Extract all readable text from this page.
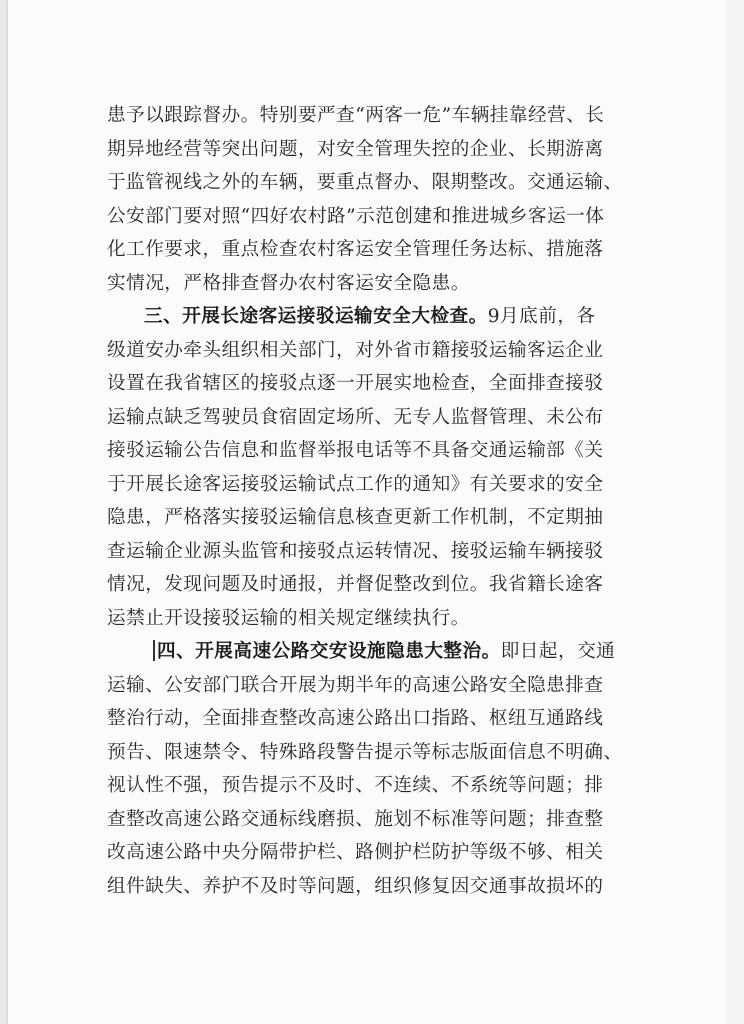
患予以跟踪督办。特别要严查“两客一危”车辆挂靠经营、长
期异地经营等突出问题，对安全管理失控的企业、长期游离
于监管视线之外的车辆，要重点督办、限期整改。交通运输、
公安部门要对照“四好农村路”示范创建和推进城乡客运一体
化工作要求，重点检查农村客运安全管理任务达标、措施落
实情况，严格排查督办农村客运安全隐患。
三、开展长途客运接驳运输安全大检查。9月底前，各
级道安办牵头组织相关部门，对外省市籍接驳运输客运企业
设置在我省辖区的接驳点逐一开展实地检查，全面排查接驳
运输点缺乏驾驶员食宿固定场所、无专人监督管理、未公布
接驳运输公告信息和监督举报电话等不具备交通运输部《关
于开展长途客运接驳运输试点工作的通知》有关要求的安全
隐患，严格落实接驳运输信息核查更新工作机制，不定期抽
查运输企业源头监管和接驳点运转情况、接驳运输车辆接驳
情况，发现问题及时通报，并督促整改到位。我省籍长途客
运禁止开设接驳运输的相关规定继续执行。
四、开展高速公路交安设施隐患大整治。即日起，交通
运输、公安部门联合开展为期半年的高速公路安全隐患排查
整治行动，全面排查整改高速公路出口指路、枢纽互通路线
预告、限速禁令、特殊路段警告提示等标志版面信息不明确、
视认性不强，预告提示不及时、不连续、不系统等问题；排
查整改高速公路交通标线磨损、施划不标准等问题；排查整
改高速公路中央分隔带护栏、路侧护栏防护等级不够、相关
组件缺失、养护不及时等问题，组织修复因交通事故损坏的
